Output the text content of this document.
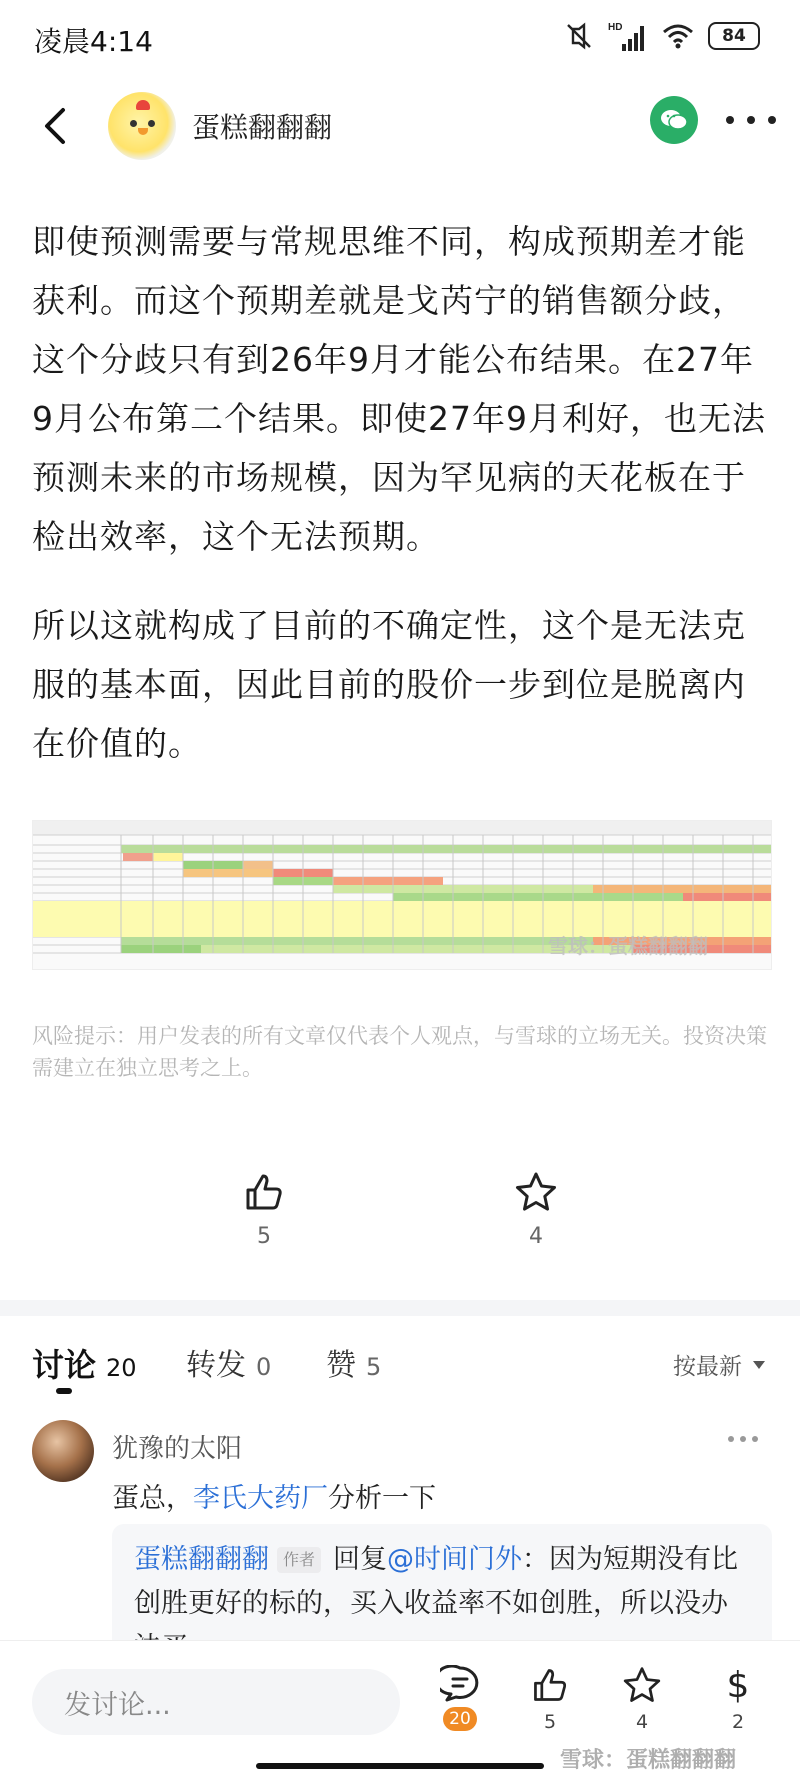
凌晨4:14	HD	84
蛋糕翻翻翻

即使预测需要与常规思维不同，构成预期差才能获利。而这个预期差就是戈芮宁的销售额分歧，这个分歧只有到26年9月才能公布结果。在27年9月公布第二个结果。即使27年9月利好，也无法预测未来的市场规模，因为罕见病的天花板在于检出效率，这个无法预期。

所以这就构成了目前的不确定性，这个是无法克服的基本面，因此目前的股价一步到位是脱离内在价值的。

雪球：蛋糕翻翻翻
风险提示：用户发表的所有文章仅代表个人观点，与雪球的立场无关。投资决策需建立在独立思考之上。
5	4
讨论 20 转发 0 赞 5	按最新
犹豫的太阳
蛋总，李氏大药厂分析一下
蛋糕翻翻翻 作者 回复@时间门外：因为短期没有比创胜更好的标的，买入收益率不如创胜，所以没办
发讨论...	20	5	4
$
2
雪球：蛋糕翻翻翻
